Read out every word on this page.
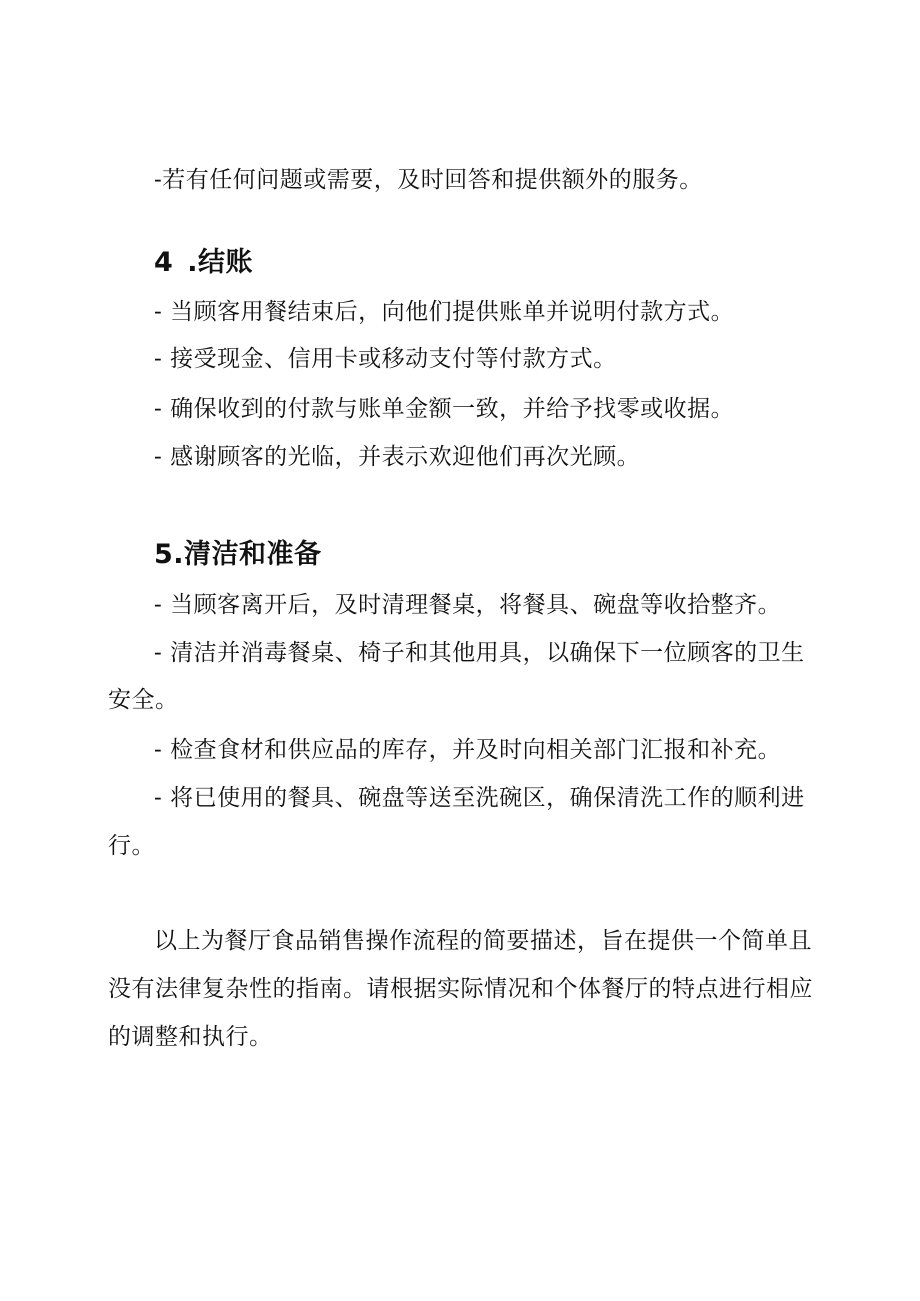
-若有任何问题或需要，及时回答和提供额外的服务。
4 .结账
- 当顾客用餐结束后，向他们提供账单并说明付款方式。
- 接受现金、信用卡或移动支付等付款方式。
- 确保收到的付款与账单金额一致，并给予找零或收据。
- 感谢顾客的光临，并表示欢迎他们再次光顾。
5.清洁和准备
- 当顾客离开后，及时清理餐桌，将餐具、碗盘等收拾整齐。
- 清洁并消毒餐桌、椅子和其他用具，以确保下一位顾客的卫生
安全。
- 检查食材和供应品的库存，并及时向相关部门汇报和补充。
- 将已使用的餐具、碗盘等送至洗碗区，确保清洗工作的顺利进
行。
以上为餐厅食品销售操作流程的简要描述，旨在提供一个简单且
没有法律复杂性的指南。请根据实际情况和个体餐厅的特点进行相应
的调整和执行。
